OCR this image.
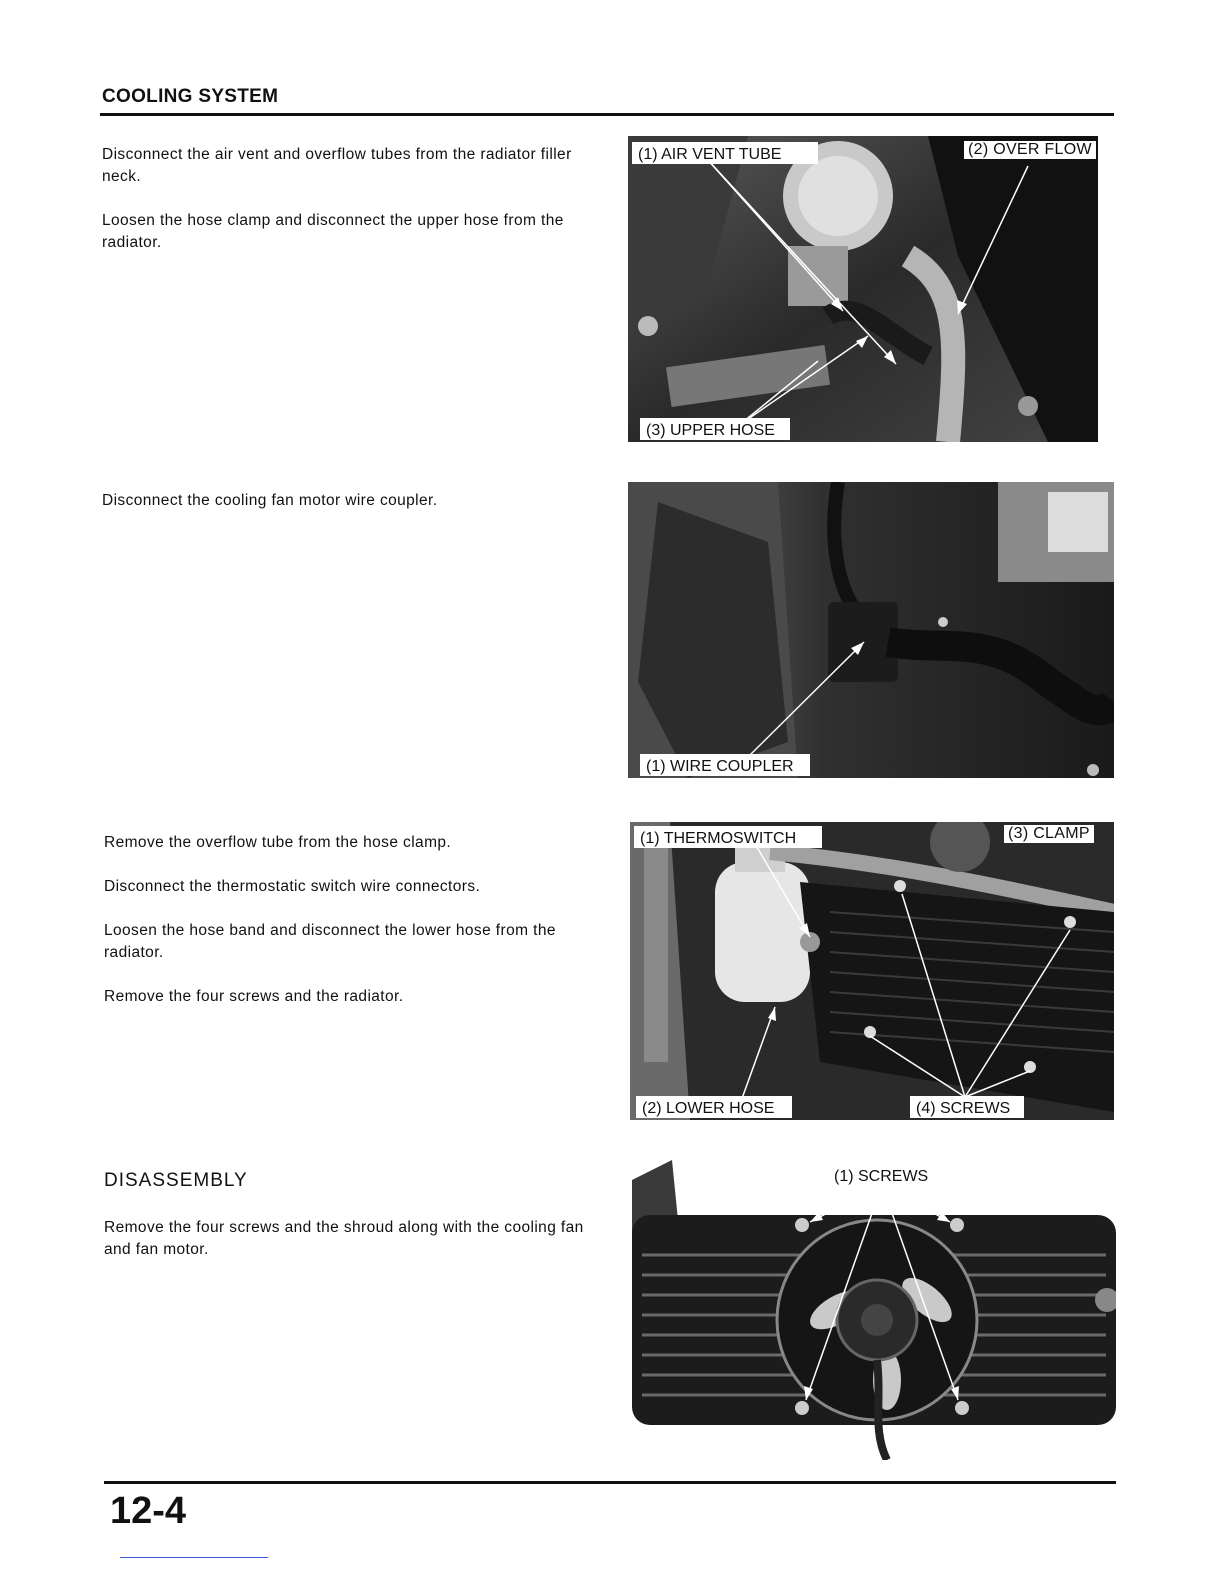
COOLING SYSTEM

Disconnect the air vent and overflow tubes from the radiator filler neck.

Loosen the hose clamp and disconnect the upper hose from the radiator.

(1) AIR VENT TUBE
(3) UPPER HOSE
(2) OVER FLOW

Disconnect the cooling fan motor wire coupler.

(1) WIRE COUPLER

Remove the overflow tube from the hose clamp.

Disconnect the thermostatic switch wire connectors.

Loosen the hose band and disconnect the lower hose from the radiator.

Remove the four screws and the radiator.

(1) THERMOSWITCH
(2) LOWER HOSE	(4) SCREWS
(3) CLAMP
DISASSEMBLY

Remove the four screws and the shroud along with the cooling fan and fan motor.

(1) SCREWS
12-4
